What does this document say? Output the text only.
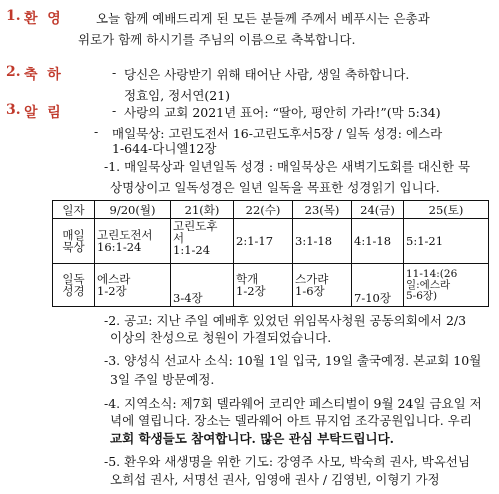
1. 환  영	오늘 함께 예배드리게 된 모든 분들께 주께서 베푸시는 은총과
위로가 함께 하시기를 주님의 이름으로 축복합니다.
2. 축  하	- 당신은 사랑받기 위해 태어난 사람, 생일 축하합니다.
정효임, 정서연(21)
3. 알  림	- 사랑의 교회 2021년 표어: “딸아, 평안히 가라!”(막 5:34)
- 매일묵상: 고린도전서 16-고린도후서5장 / 일독 성경: 에스라
1-644-다니엘12장
-1. 매일묵상과 일년일독 성경 : 매일묵상은 새벽기도회를 대신한 묵
상명상이고 일독성경은 일년 일독을 목표한 성경읽기 입니다.
일자	9/20(월)	21(화)	22(수)	23(목)	24(금)	25(토)
매일
묵상	고린도전서
16:1-24	고린도후
서
1:1-24	2:1-17	3:1-18	4:1-18	5:1-21
일독
성경	에스라
1-2장	3-4장	학개
1-2장	스가랴
1-6장	7-10장	11-14:(26
일:에스라
5-6장)
-2. 공고: 지난 주일 예배후 있었던 위임목사청원 공동의회에서 2/3
이상의 찬성으로 청원이 가결되었습니다.
-3. 양성식 선교사 소식: 10월 1일 입국, 19일 출국예정. 본교회 10월
3일 주일 방문예정.
-4. 지역소식: 제7회 델라웨어 코리안 페스티벌이 9월 24일 금요일 저
녁에 열립니다. 장소는 델라웨어 아트 뮤지엄 조각공원입니다. 우리
교회 학생들도 참여합니다. 많은 관심 부탁드립니다.
-5. 환우와 새생명을 위한 기도: 강영주 사모, 박숙희 권사, 박옥선님
오희섭 권사, 서명선 권사, 임영애 권사 / 김영빈, 이형기 가정
